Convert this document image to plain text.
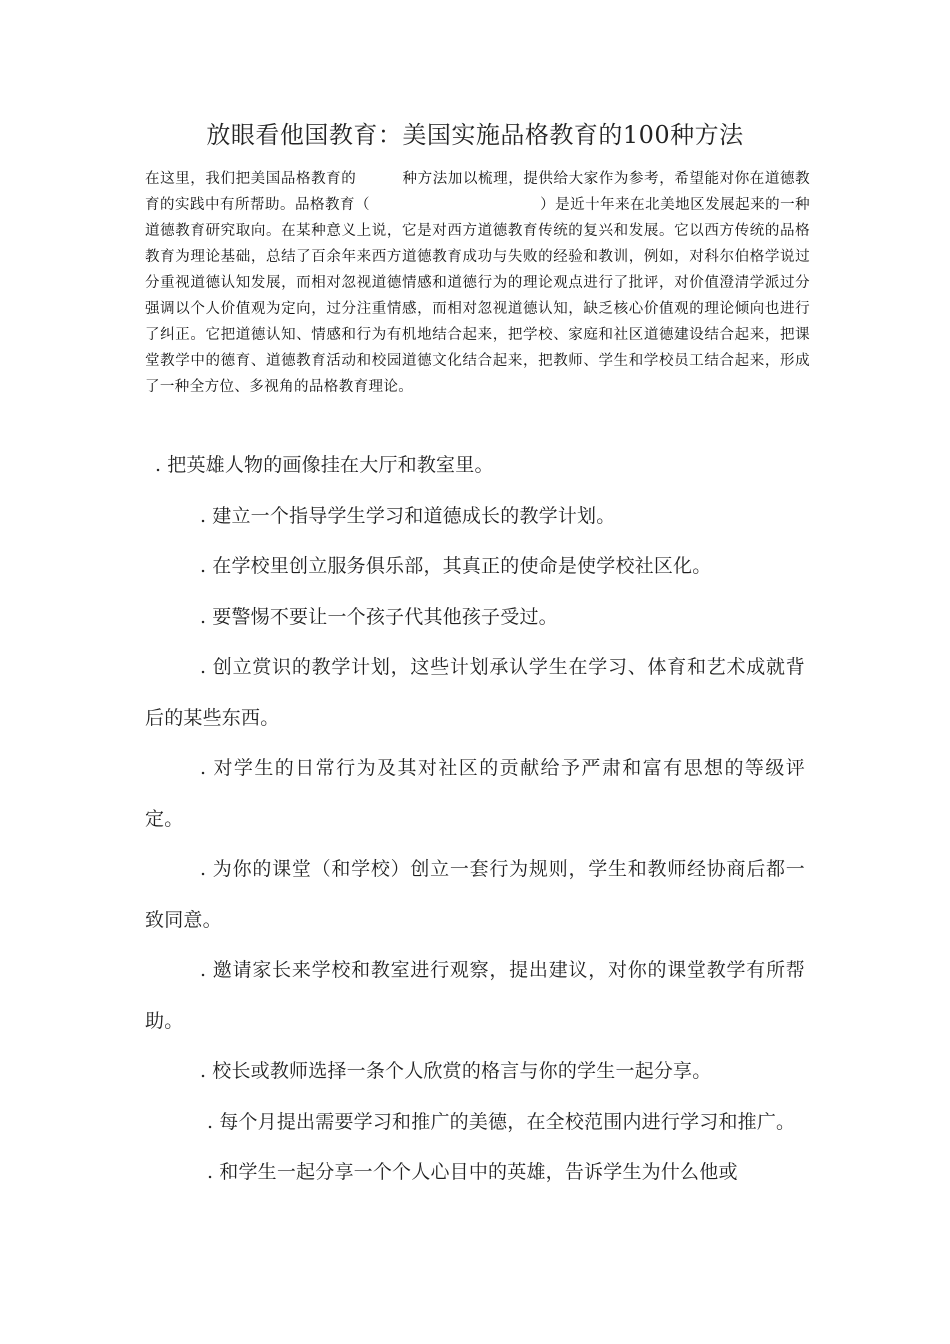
放眼看他国教育：美国实施品格教育的100种方法
在这里，我们把美国品格教育的	种方法加以梳理，提供给大家作为参考，希望能对你在道德教育的实践中有所帮助。品格教育（	）是近十年来在北美地区发展起来的一种道德教育研究取向。在某种意义上说，它是对西方道德教育传统的复兴和发展。它以西方传统的品格教育为理论基础，总结了百余年来西方道德教育成功与失败的经验和教训，例如，对科尔伯格学说过分重视道德认知发展，而相对忽视道德情感和道德行为的理论观点进行了批评，对价值澄清学派过分强调以个人价值观为定向，过分注重情感，而相对忽视道德认知，缺乏核心价值观的理论倾向也进行了纠正。它把道德认知、情感和行为有机地结合起来，把学校、家庭和社区道德建设结合起来，把课堂教学中的德育、道德教育活动和校园道德文化结合起来，把教师、学生和学校员工结合起来，形成了一种全方位、多视角的品格教育理论。

. 把英雄人物的画像挂在大厅和教室里。

. 建立一个指导学生学习和道德成长的教学计划。

. 在学校里创立服务俱乐部，其真正的使命是使学校社区化。

. 要警惕不要让一个孩子代其他孩子受过。

. 创立赏识的教学计划，这些计划承认学生在学习、体育和艺术成就背后的某些东西。

. 对学生的日常行为及其对社区的贡献给予严肃和富有思想的等级评定。

. 为你的课堂（和学校）创立一套行为规则，学生和教师经协商后都一致同意。

. 邀请家长来学校和教室进行观察，提出建议，对你的课堂教学有所帮助。

. 校长或教师选择一条个人欣赏的格言与你的学生一起分享。

. 每个月提出需要学习和推广的美德，在全校范围内进行学习和推广。

. 和学生一起分享一个个人心目中的英雄，告诉学生为什么他或
